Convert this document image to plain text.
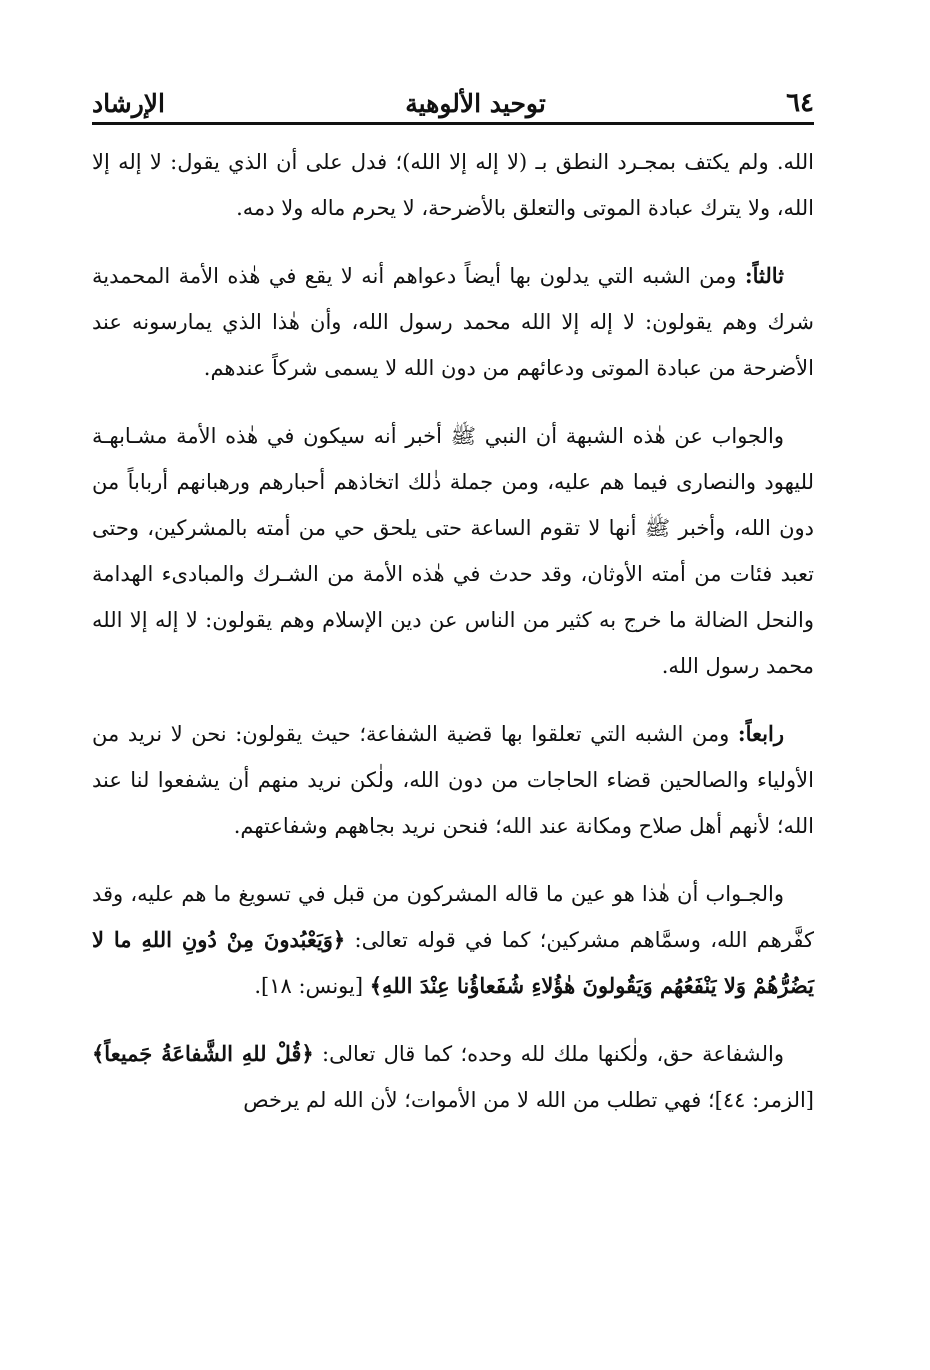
٦٤
توحيد الألوهية
الإرشاد

الله. ولم يكتف بمجـرد النطق بـ (لا إله إلا الله)؛ فدل على أن الذي يقول: لا إله إلا الله، ولا يترك عبادة الموتى والتعلق بالأضرحة، لا يحرم ماله ولا دمه.

ثالثاً: ومن الشبه التي يدلون بها أيضاً دعواهم أنه لا يقع في هٰذه الأمة المحمدية شرك وهم يقولون: لا إله إلا الله محمد رسول الله، وأن هٰذا الذي يمارسونه عند الأضرحة من عبادة الموتى ودعائهم من دون الله لا يسمى شركاً عندهم.

والجواب عن هٰذه الشبهة أن النبي ﷺ أخبر أنه سيكون في هٰذه الأمة مشـابهـة لليهود والنصارى فيما هم عليه، ومن جملة ذٰلك اتخاذهم أحبارهم ورهبانهم أرباباً من دون الله، وأخبر ﷺ أنها لا تقوم الساعة حتى يلحق حي من أمته بالمشركين، وحتى تعبد فئات من أمته الأوثان، وقد حدث في هٰذه الأمة من الشـرك والمبادىء الهدامة والنحل الضالة ما خرج به كثير من الناس عن دين الإسلام وهم يقولون: لا إله إلا الله محمد رسول الله.

رابعاً: ومن الشبه التي تعلقوا بها قضية الشفاعة؛ حيث يقولون: نحن لا نريد من الأولياء والصالحين قضاء الحاجات من دون الله، ولٰكن نريد منهم أن يشفعوا لنا عند الله؛ لأنهم أهل صلاح ومكانة عند الله؛ فنحن نريد بجاههم وشفاعتهم.

والجـواب أن هٰذا هو عين ما قاله المشركون من قبل في تسويغ ما هم عليه، وقد كفَّرهم الله، وسمَّاهم مشركين؛ كما في قوله تعالى: ﴿وَيَعْبُدونَ مِنْ دُونِ اللهِ ما لا يَضُرُّهُمْ وَلا يَنْفَعُهُم وَيَقُولونَ هٰؤُلاءِ شُفَعاؤُنا عِنْدَ اللهِ﴾ [يونس: ١٨].

والشفاعة حق، ولٰكنها ملك لله وحده؛ كما قال تعالى: ﴿قُلْ للهِ الشَّفاعَةُ جَميعاً﴾ [الزمر: ٤٤]؛ فهي تطلب من الله لا من الأموات؛ لأن الله لم يرخص
